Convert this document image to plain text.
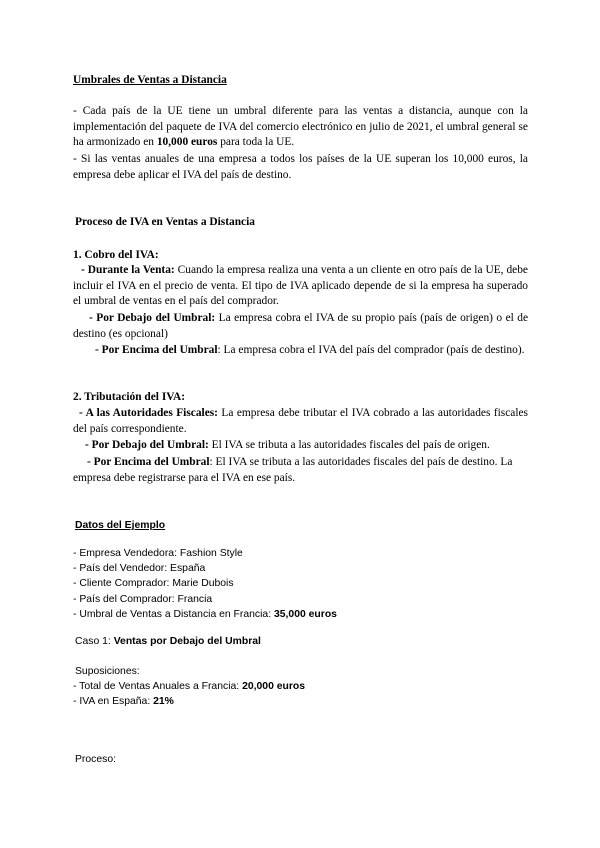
Umbrales de Ventas a Distancia

- Cada país de la UE tiene un umbral diferente para las ventas a distancia, aunque con la implementación del paquete de IVA del comercio electrónico en julio de 2021, el umbral general se ha armonizado en 10,000 euros para toda la UE.

- Si las ventas anuales de una empresa a todos los países de la UE superan los 10,000 euros, la empresa debe aplicar el IVA del país de destino.

Proceso de IVA en Ventas a Distancia
1. Cobro del IVA:

- Durante la Venta: Cuando la empresa realiza una venta a un cliente en otro país de la UE, debe incluir el IVA en el precio de venta. El tipo de IVA aplicado depende de si la empresa ha superado el umbral de ventas en el país del comprador.

- Por Debajo del Umbral: La empresa cobra el IVA de su propio país (país de origen) o el de destino (es opcional)

- Por Encima del Umbral: La empresa cobra el IVA del país del comprador (país de destino).

2. Tributación del IVA:

- A las Autoridades Fiscales: La empresa debe tributar el IVA cobrado a las autoridades fiscales del país correspondiente.

- Por Debajo del Umbral: El IVA se tributa a las autoridades fiscales del país de origen.

- Por Encima del Umbral: El IVA se tributa a las autoridades fiscales del país de destino. La empresa debe registrarse para el IVA en ese país.

Datos del Ejemplo

- Empresa Vendedora: Fashion Style

- País del Vendedor: España

- Cliente Comprador: Marie Dubois

- País del Comprador: Francia

- Umbral de Ventas a Distancia en Francia: 35,000 euros

Caso 1: Ventas por Debajo del Umbral
Suposiciones:

- Total de Ventas Anuales a Francia: 20,000 euros

- IVA en España: 21%

Proceso:
